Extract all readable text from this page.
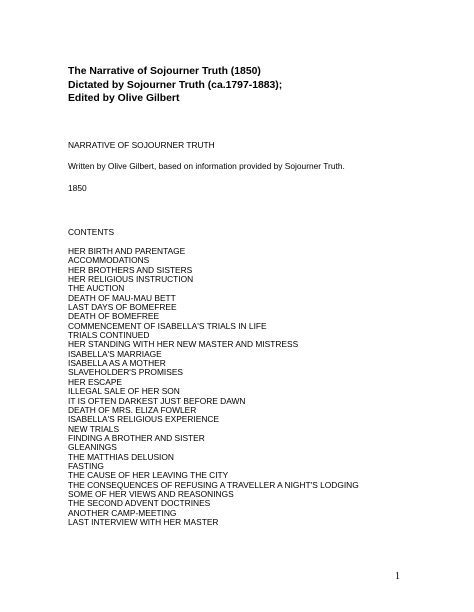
The Narrative of Sojourner Truth (1850)
Dictated by Sojourner Truth (ca.1797-1883);
Edited by Olive Gilbert
NARRATIVE OF SOJOURNER TRUTH
Written by Olive Gilbert, based on information provided by Sojourner Truth.
1850
CONTENTS
HER BIRTH AND PARENTAGE
ACCOMMODATIONS
HER BROTHERS AND SISTERS
HER RELIGIOUS INSTRUCTION
THE AUCTION
DEATH OF MAU-MAU BETT
LAST DAYS OF BOMEFREE
DEATH OF BOMEFREE
COMMENCEMENT OF ISABELLA'S TRIALS IN LIFE
TRIALS CONTINUED
HER STANDING WITH HER NEW MASTER AND MISTRESS
ISABELLA'S MARRIAGE
ISABELLA AS A MOTHER
SLAVEHOLDER'S PROMISES
HER ESCAPE
ILLEGAL SALE OF HER SON
IT IS OFTEN DARKEST JUST BEFORE DAWN
DEATH OF MRS. ELIZA FOWLER
ISABELLA'S RELIGIOUS EXPERIENCE
NEW TRIALS
FINDING A BROTHER AND SISTER
GLEANINGS
THE MATTHIAS DELUSION
FASTING
THE CAUSE OF HER LEAVING THE CITY
THE CONSEQUENCES OF REFUSING A TRAVELLER A NIGHT'S LODGING
SOME OF HER VIEWS AND REASONINGS
THE SECOND ADVENT DOCTRINES
ANOTHER CAMP-MEETING
LAST INTERVIEW WITH HER MASTER
1
